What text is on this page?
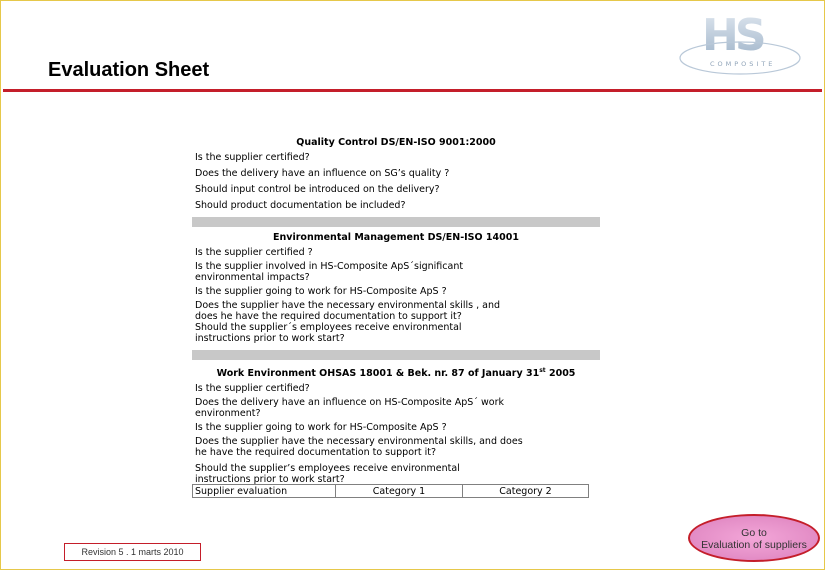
Evaluation Sheet
HS
COMPOSITE
Quality Control DS/EN-ISO 9001:2000
Is the supplier certified?
Does the delivery have an influence on SG’s quality ?
Should input control be introduced on the delivery?
Should product documentation be included?
Environmental Management DS/EN-ISO 14001
Is the supplier certified ?
Is the supplier involved in HS-Composite ApS´significant environmental impacts?
Is the supplier going to work for HS-Composite ApS ?
Does the supplier have the necessary environmental skills , and does he have the required documentation to support it?
Should the supplier´s employees receive environmental instructions prior to work start?
Work Environment OHSAS 18001 & Bek. nr. 87 of January 31st 2005
Is the supplier certified?
Does the delivery have an influence on HS-Composite ApS´ work environment?
Is the supplier going to work for HS-Composite ApS ?
Does the supplier have the necessary environmental skills, and does he have the required documentation to support it?
Should the supplier’s employees receive environmental instructions prior to work start?
Supplier evaluation	Category 1	Category 2
Revision 5 . 1 marts 2010
Go to
Evaluation of suppliers
